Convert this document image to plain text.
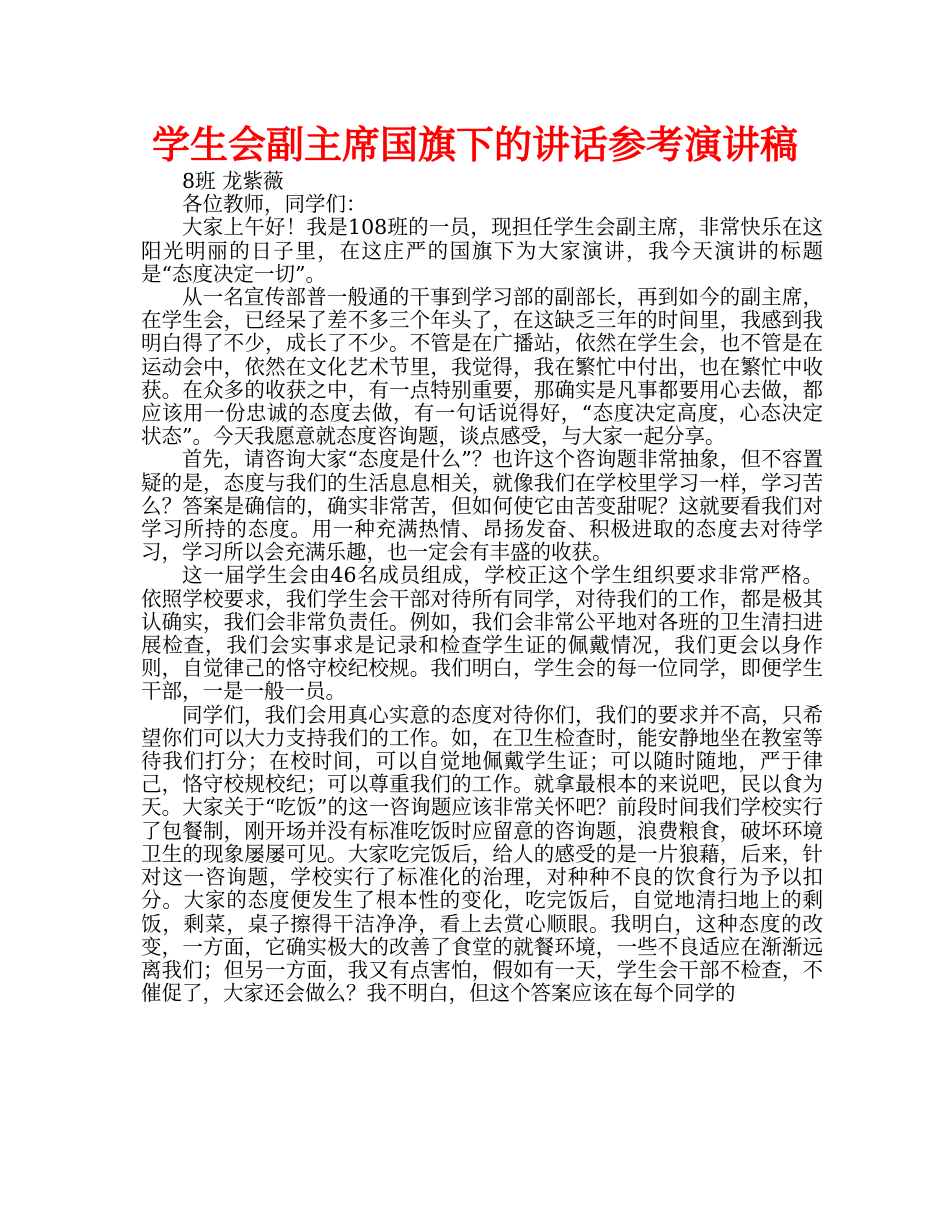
学生会副主席国旗下的讲话参考演讲稿

8班 龙紫薇

各位教师，同学们：

大家上午好！我是108班的一员，现担任学生会副主席，非常快乐在这阳光明丽的日子里，在这庄严的国旗下为大家演讲，我今天演讲的标题是“态度决定一切”。

从一名宣传部普一般通的干事到学习部的副部长，再到如今的副主席，在学生会，已经呆了差不多三个年头了，在这缺乏三年的时间里，我感到我明白得了不少，成长了不少。不管是在广播站，依然在学生会，也不管是在运动会中，依然在文化艺术节里，我觉得，我在繁忙中付出，也在繁忙中收获。在众多的收获之中，有一点特别重要，那确实是凡事都要用心去做，都应该用一份忠诚的态度去做，有一句话说得好，“态度决定高度，心态决定状态”。今天我愿意就态度咨询题，谈点感受，与大家一起分享。

首先，请咨询大家“态度是什么”？也许这个咨询题非常抽象，但不容置疑的是，态度与我们的生活息息相关，就像我们在学校里学习一样，学习苦么？答案是确信的，确实非常苦，但如何使它由苦变甜呢？这就要看我们对学习所持的态度。用一种充满热情、昂扬发奋、积极进取的态度去对待学习，学习所以会充满乐趣，也一定会有丰盛的收获。

这一届学生会由46名成员组成，学校正这个学生组织要求非常严格。依照学校要求，我们学生会干部对待所有同学，对待我们的工作，都是极其认确实，我们会非常负责任。例如，我们会非常公平地对各班的卫生清扫进展检查，我们会实事求是记录和检查学生证的佩戴情况，我们更会以身作则，自觉律己的恪守校纪校规。我们明白，学生会的每一位同学，即便学生干部，一是一般一员。

同学们，我们会用真心实意的态度对待你们，我们的要求并不高，只希望你们可以大力支持我们的工作。如，在卫生检查时，能安静地坐在教室等待我们打分；在校时间，可以自觉地佩戴学生证；可以随时随地，严于律己，恪守校规校纪；可以尊重我们的工作。就拿最根本的来说吧，民以食为天。大家关于“吃饭”的这一咨询题应该非常关怀吧？前段时间我们学校实行了包餐制，刚开场并没有标准吃饭时应留意的咨询题，浪费粮食，破坏环境卫生的现象屡屡可见。大家吃完饭后，给人的感受的是一片狼藉，后来，针对这一咨询题，学校实行了标准化的治理，对种种不良的饮食行为予以扣分。大家的态度便发生了根本性的变化，吃完饭后，自觉地清扫地上的剩饭，剩菜，桌子擦得干洁净净，看上去赏心顺眼。我明白，这种态度的改变，一方面，它确实极大的改善了食堂的就餐环境，一些不良适应在渐渐远离我们；但另一方面，我又有点害怕，假如有一天，学生会干部不检查，不催促了，大家还会做么？我不明白，但这个答案应该在每个同学的
